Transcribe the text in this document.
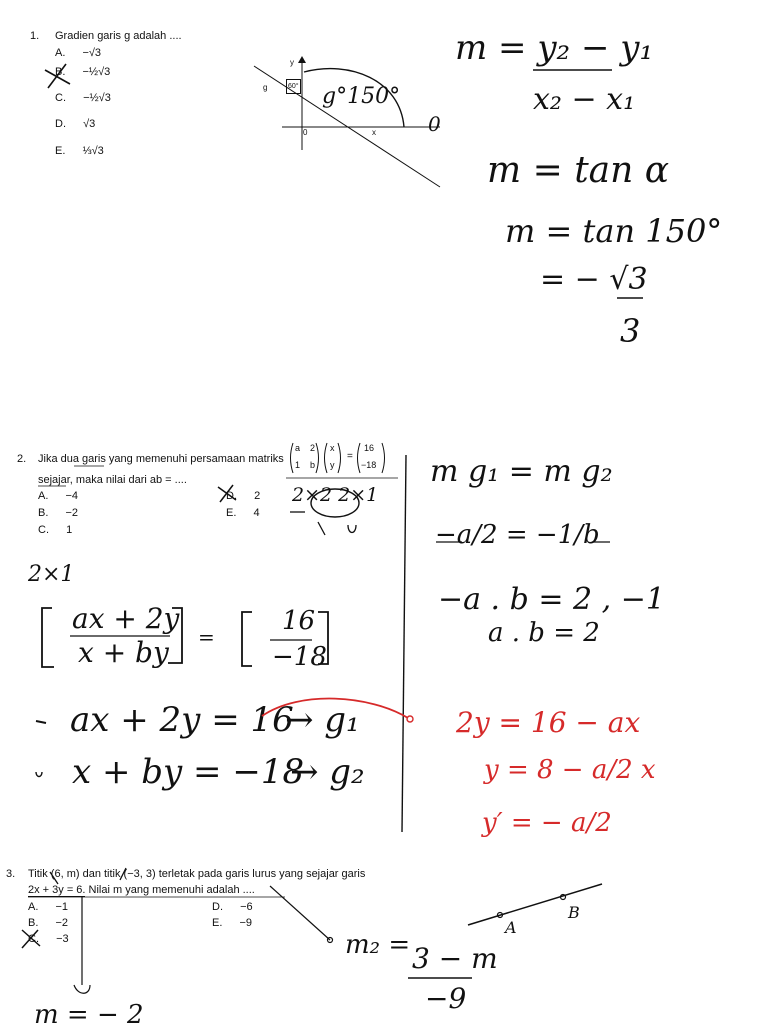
1. Gradien garis g adalah ....
A. −√3
B. −½√3
C. −½√3
D. √3
E. ⅓√3
y
x
0
g	60° g°150°
0
m = y₂ − y₁
x₂ − x₁
m = tan α
m = tan 150°
= − √3
3
2. Jika dua garis yang memenuhi persamaan matriks
a 2
1 b
x
y
=
16
−18
sejajar, maka nilai dari ab = ....
A. −4
B. −2
C. 1
D. 2
E. 4
2×2 2×1
2×1
ax + 2y
x + by =
16
−18
ax + 2y = 16
→ g₁
x + by = −18
→ g₂
m g₁ = m g₂
−a/2 = −1/b
−a . b = 2 , −1
a . b = 2
2y = 16 − ax
y = 8 − a/2 x
y′ = − a/2
3. Titik (6, m) dan titik (−3, 3) terletak pada garis lurus yang sejajar garis
2x + 3y = 6. Nilai m yang memenuhi adalah ....
A. −1
B. −2
C. −3
D. −6
E. −9
m₂ = 3 − m
−9
A
B
m = − 2
